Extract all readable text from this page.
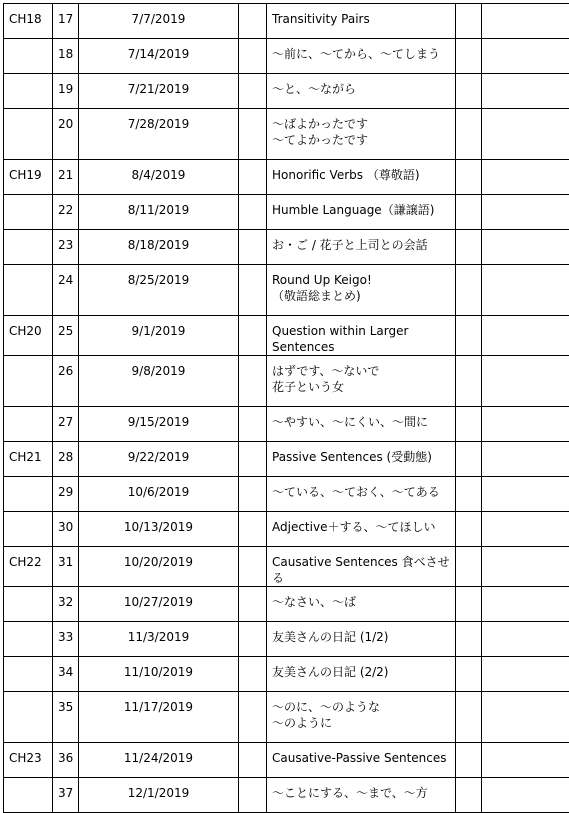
CH18	17	7/7/2019		Transitivity Pairs		
	18	7/14/2019		〜前に、〜てから、〜てしまう		
	19	7/21/2019		〜と、〜ながら		
	20	7/28/2019		〜ばよかったです
〜てよかったです		
CH19	21	8/4/2019		Honorific Verbs （尊敬語)		
	22	8/11/2019		Humble Language（謙譲語)		
	23	8/18/2019		お・ご / 花子と上司との会話		
	24	8/25/2019		Round Up Keigo!
（敬語総まとめ)		
CH20	25	9/1/2019		Question within Larger Sentences		
	26	9/8/2019		はずです、〜ないで
花子という女		
	27	9/15/2019		〜やすい、〜にくい、〜間に		
CH21	28	9/22/2019		Passive Sentences (受動態)		
	29	10/6/2019		〜ている、〜ておく、〜てある		
	30	10/13/2019		Adjective＋する、〜てほしい		
CH22	31	10/20/2019		Causative Sentences 食べさせる		
	32	10/27/2019		〜なさい、〜ば		
	33	11/3/2019		友美さんの日記 (1/2)		
	34	11/10/2019		友美さんの日記 (2/2)		
	35	11/17/2019		〜のに、〜のような
〜のように		
CH23	36	11/24/2019		Causative-Passive Sentences		
	37	12/1/2019		〜ことにする、〜まで、〜方		
